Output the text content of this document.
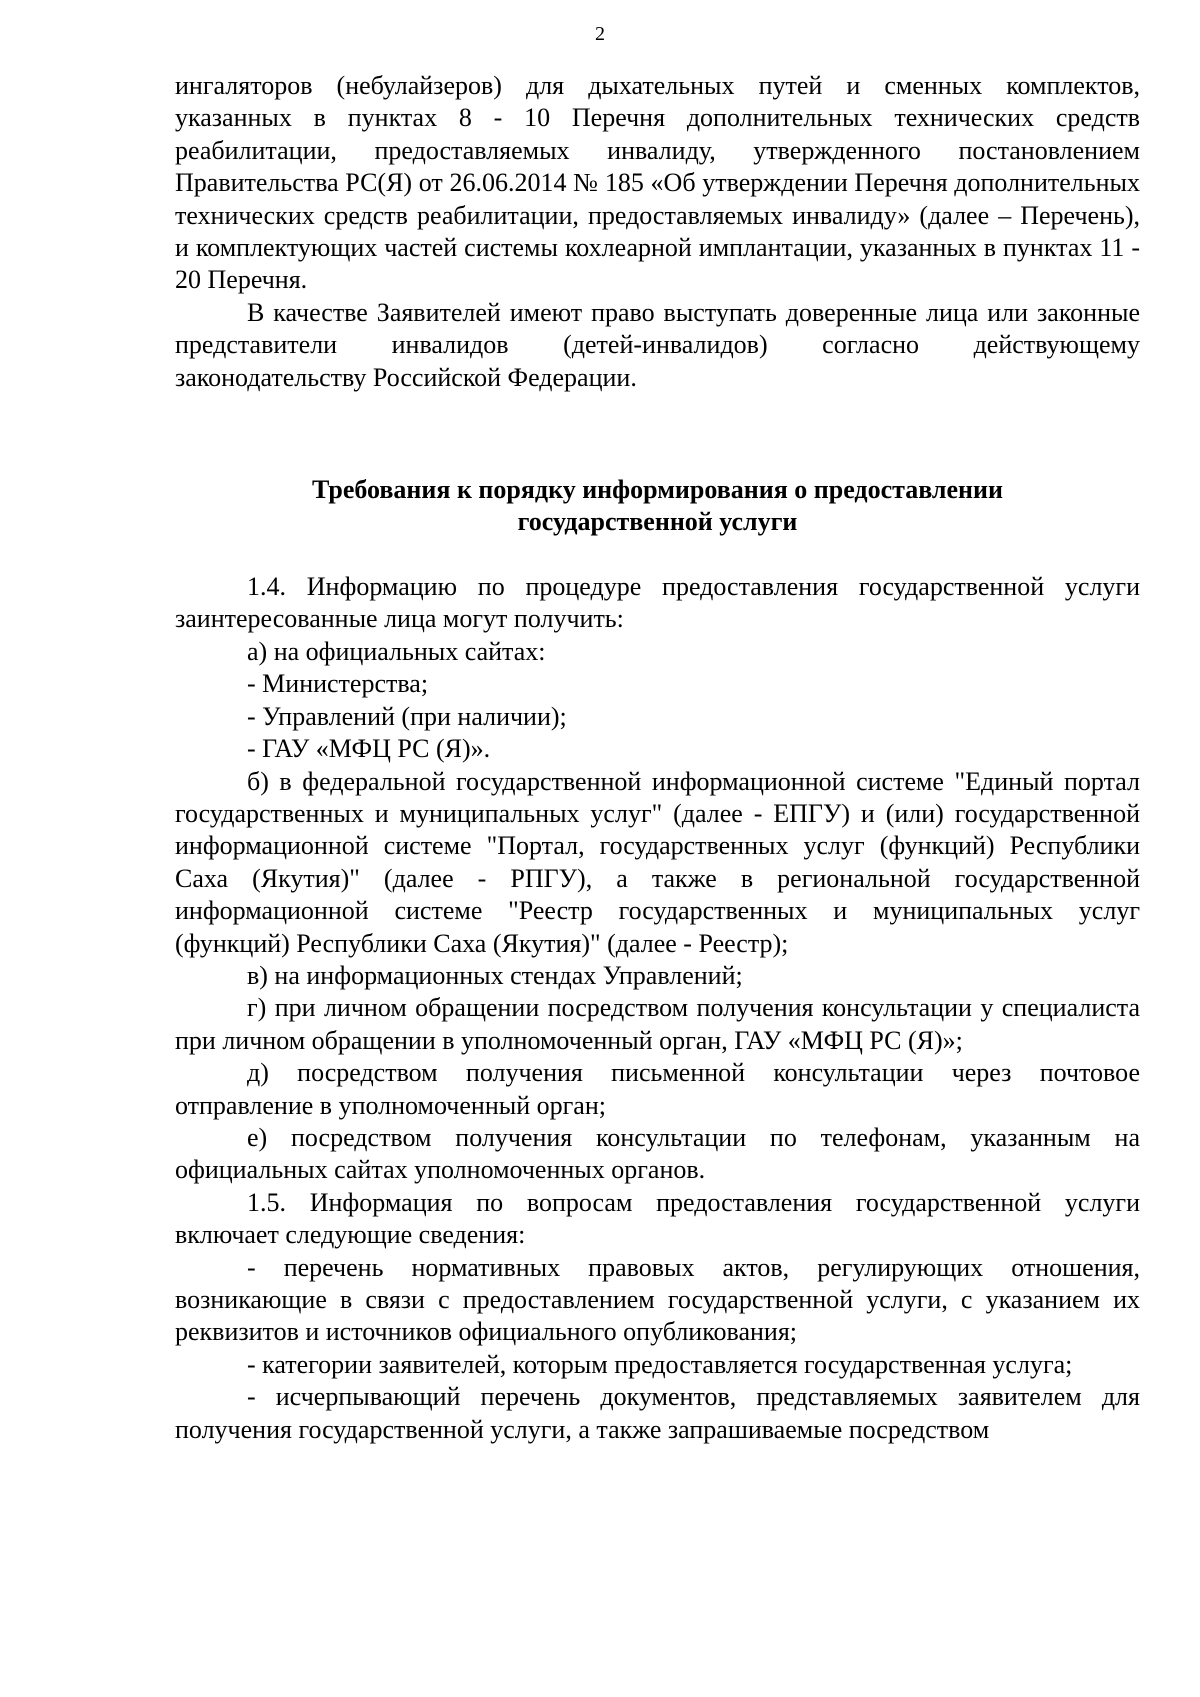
2

ингаляторов (небулайзеров) для дыхательных путей и сменных комплектов, указанных в пунктах 8 - 10 Перечня дополнительных технических средств реабилитации, предоставляемых инвалиду, утвержденного постановлением Правительства РС(Я) от 26.06.2014 № 185 «Об утверждении Перечня дополнительных технических средств реабилитации, предоставляемых инвалиду» (далее – Перечень), и комплектующих частей системы кохлеарной имплантации, указанных в пунктах 11 - 20 Перечня.

В качестве Заявителей имеют право выступать доверенные лица или законные представители инвалидов (детей-инвалидов) согласно действующему законодательству Российской Федерации.

Требования к порядку информирования о предоставлении
государственной услуги

1.4. Информацию по процедуре предоставления государственной услуги заинтересованные лица могут получить:

а) на официальных сайтах:

- Министерства;

- Управлений (при наличии);

- ГАУ «МФЦ РС (Я)».

б) в федеральной государственной информационной системе "Единый портал государственных и муниципальных услуг" (далее - ЕПГУ) и (или) государственной информационной системе "Портал, государственных услуг (функций) Республики Саха (Якутия)" (далее - РПГУ), а также в региональной государственной информационной системе "Реестр государственных и муниципальных услуг (функций) Республики Саха (Якутия)" (далее - Реестр);

в) на информационных стендах Управлений;

г) при личном обращении посредством получения консультации у специалиста при личном обращении в уполномоченный орган, ГАУ «МФЦ РС (Я)»;

д) посредством получения письменной консультации через почтовое отправление в уполномоченный орган;

е) посредством получения консультации по телефонам, указанным на официальных сайтах уполномоченных органов.

1.5. Информация по вопросам предоставления государственной услуги включает следующие сведения:

- перечень нормативных правовых актов, регулирующих отношения, возникающие в связи с предоставлением государственной услуги, с указанием их реквизитов и источников официального опубликования;

- категории заявителей, которым предоставляется государственная услуга;

- исчерпывающий перечень документов, представляемых заявителем для получения государственной услуги, а также запрашиваемые посредством
